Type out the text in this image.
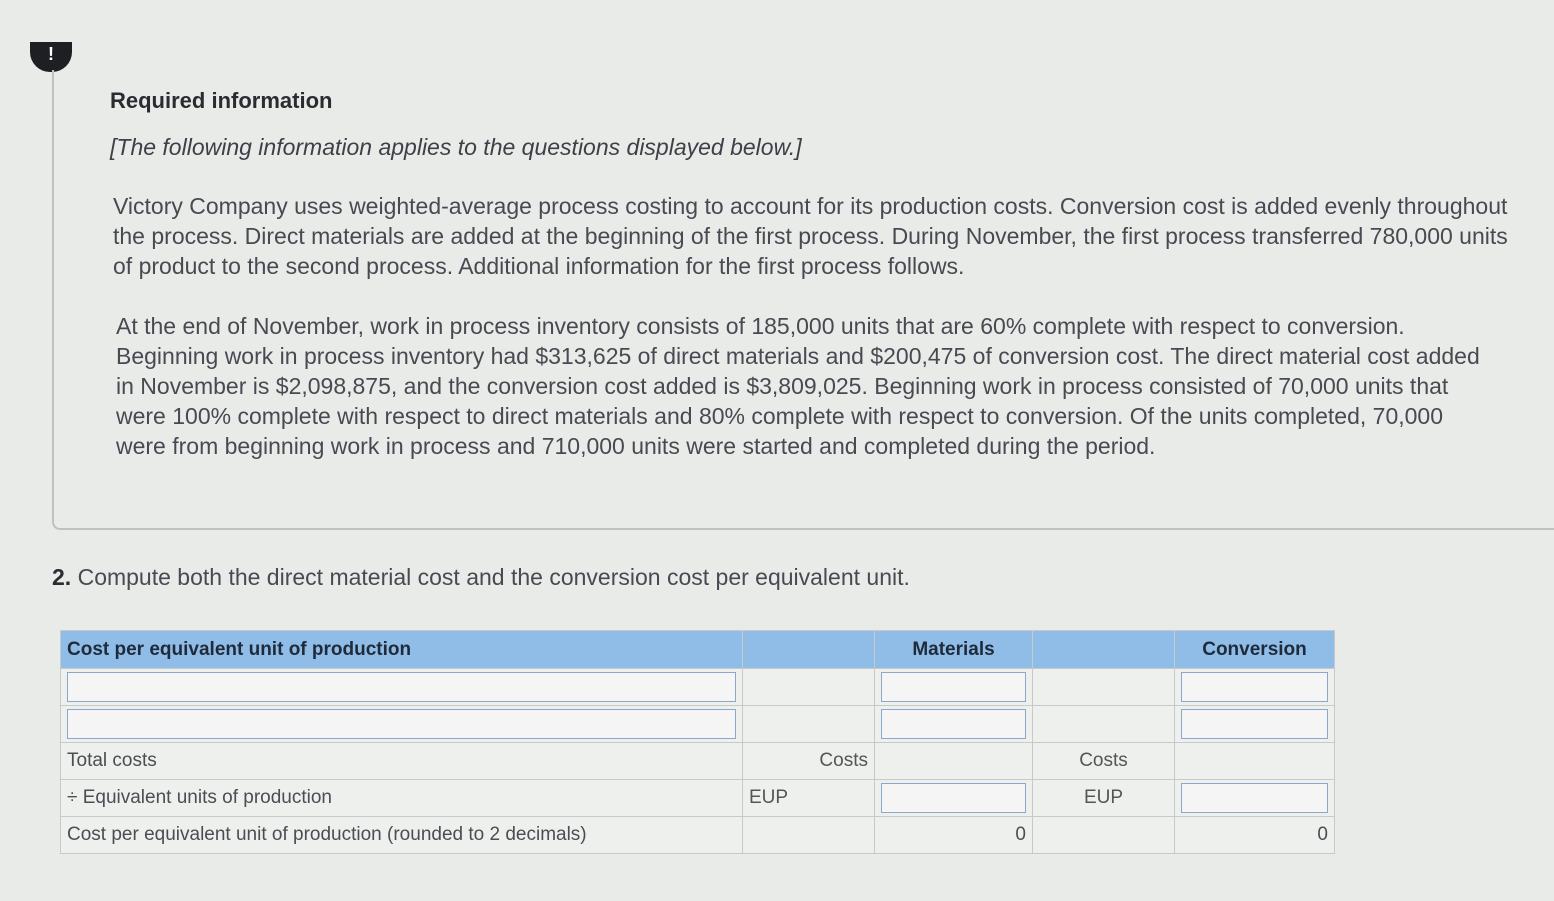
!
Required information
[The following information applies to the questions displayed below.]

Victory Company uses weighted-average process costing to account for its production costs. Conversion cost is added evenly throughout the process. Direct materials are added at the beginning of the first process. During November, the first process transferred 780,000 units of product to the second process. Additional information for the first process follows.

At the end of November, work in process inventory consists of 185,000 units that are 60% complete with respect to conversion. Beginning work in process inventory had $313,625 of direct materials and $200,475 of conversion cost. The direct material cost added in November is $2,098,875, and the conversion cost added is $3,809,025. Beginning work in process consisted of 70,000 units that were 100% complete with respect to direct materials and 80% complete with respect to conversion. Of the units completed, 70,000 were from beginning work in process and 710,000 units were started and completed during the period.

2. Compute both the direct material cost and the conversion cost per equivalent unit.
Cost per equivalent unit of production		Materials		Conversion

Total costs	Costs		Costs	
÷ Equivalent units of production	EUP		EUP	

Cost per equivalent unit of production (rounded to 2 decimals)		0		0
